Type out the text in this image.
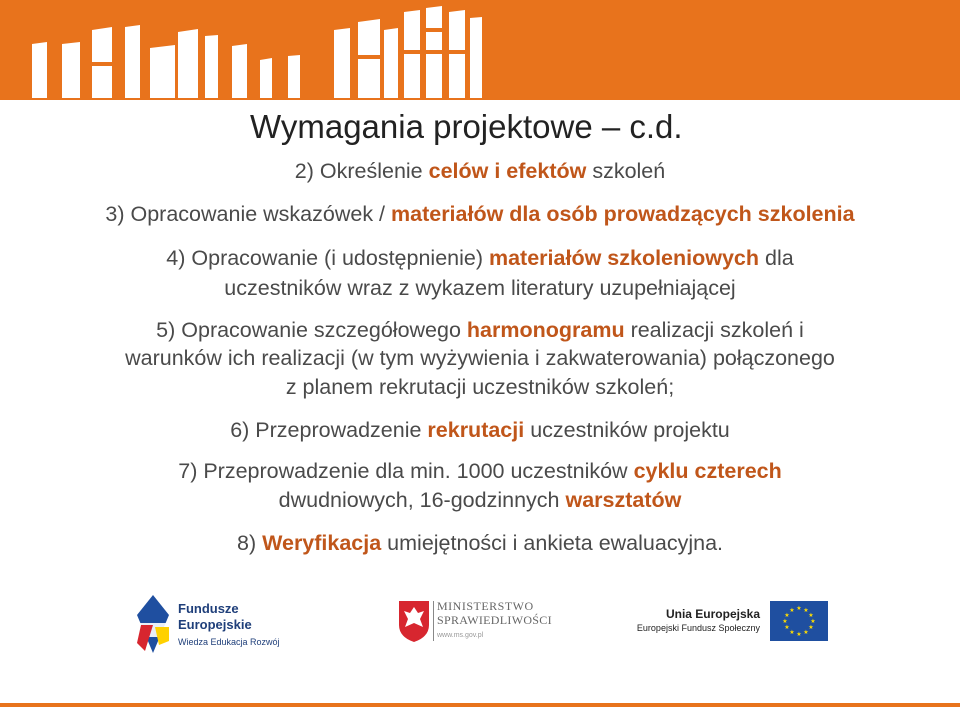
Wymagania projektowe – c.d.
2) Określenie celów i efektów szkoleń
3) Opracowanie wskazówek / materiałów dla osób prowadzących szkolenia
4) Opracowanie (i udostępnienie) materiałów szkoleniowych dla
uczestników wraz z wykazem literatury uzupełniającej
5) Opracowanie szczegółowego harmonogramu realizacji szkoleń i
warunków ich realizacji (w tym wyżywienia i zakwaterowania) połączonego
z planem rekrutacji uczestników szkoleń;
6) Przeprowadzenie rekrutacji uczestników projektu
7) Przeprowadzenie dla min. 1000 uczestników cyklu czterech
dwudniowych, 16-godzinnych warsztatów
8) Weryfikacja umiejętności i ankieta ewaluacyjna.
Fundusze
Europejskie
Wiedza Edukacja Rozwój
MINISTERSTWO
SPRAWIEDLIWOŚCI
www.ms.gov.pl
Unia Europejska
Europejski Fundusz Społeczny
★ ★
★
★
★
★
★
★
★
★
★
★
